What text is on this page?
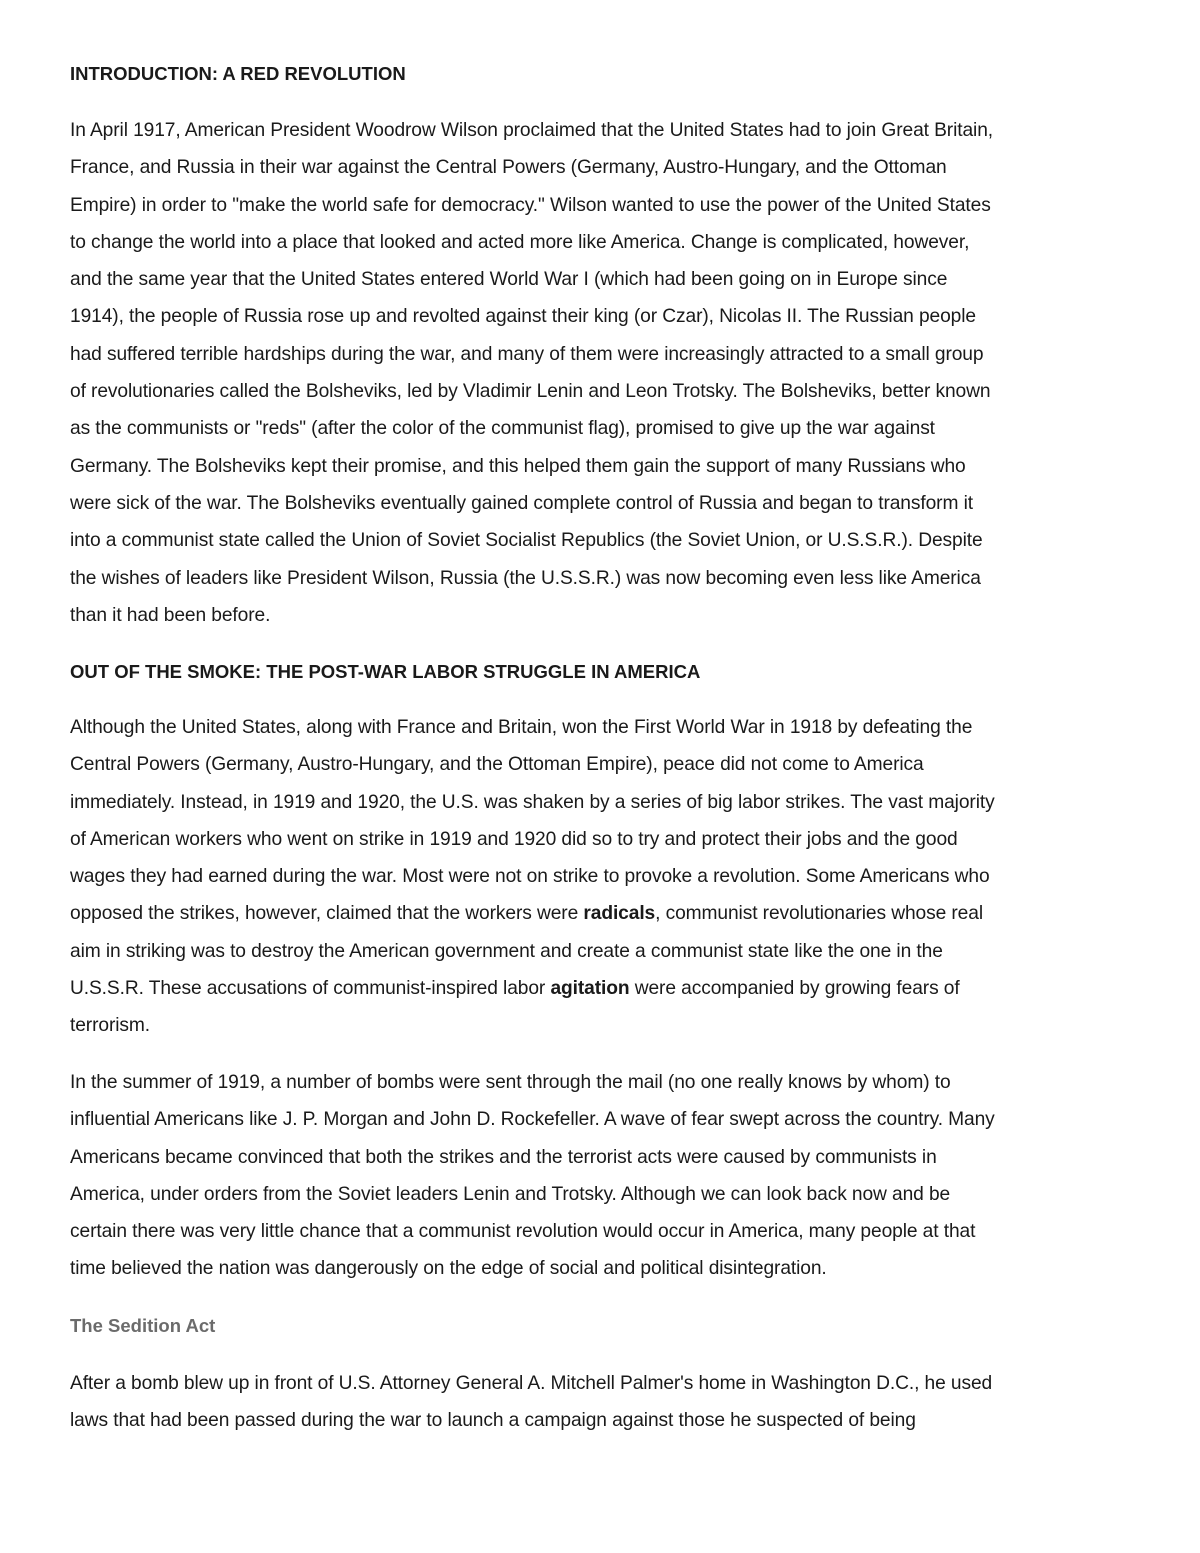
INTRODUCTION: A RED REVOLUTION
In April 1917, American President Woodrow Wilson proclaimed that the United States had to join Great Britain,
France, and Russia in their war against the Central Powers (Germany, Austro-Hungary, and the Ottoman
Empire) in order to "make the world safe for democracy." Wilson wanted to use the power of the United States
to change the world into a place that looked and acted more like America. Change is complicated, however,
and the same year that the United States entered World War I (which had been going on in Europe since
1914), the people of Russia rose up and revolted against their king (or Czar), Nicolas II. The Russian people
had suffered terrible hardships during the war, and many of them were increasingly attracted to a small group
of revolutionaries called the Bolsheviks, led by Vladimir Lenin and Leon Trotsky. The Bolsheviks, better known
as the communists or "reds" (after the color of the communist flag), promised to give up the war against
Germany. The Bolsheviks kept their promise, and this helped them gain the support of many Russians who
were sick of the war. The Bolsheviks eventually gained complete control of Russia and began to transform it
into a communist state called the Union of Soviet Socialist Republics (the Soviet Union, or U.S.S.R.). Despite
the wishes of leaders like President Wilson, Russia (the U.S.S.R.) was now becoming even less like America
than it had been before.
OUT OF THE SMOKE: THE POST-WAR LABOR STRUGGLE IN AMERICA
Although the United States, along with France and Britain, won the First World War in 1918 by defeating the
Central Powers (Germany, Austro-Hungary, and the Ottoman Empire), peace did not come to America
immediately. Instead, in 1919 and 1920, the U.S. was shaken by a series of big labor strikes. The vast majority
of American workers who went on strike in 1919 and 1920 did so to try and protect their jobs and the good
wages they had earned during the war. Most were not on strike to provoke a revolution. Some Americans who
opposed the strikes, however, claimed that the workers were radicals, communist revolutionaries whose real
aim in striking was to destroy the American government and create a communist state like the one in the
U.S.S.R. These accusations of communist-inspired labor agitation were accompanied by growing fears of
terrorism.
In the summer of 1919, a number of bombs were sent through the mail (no one really knows by whom) to
influential Americans like J. P. Morgan and John D. Rockefeller. A wave of fear swept across the country. Many
Americans became convinced that both the strikes and the terrorist acts were caused by communists in
America, under orders from the Soviet leaders Lenin and Trotsky. Although we can look back now and be
certain there was very little chance that a communist revolution would occur in America, many people at that
time believed the nation was dangerously on the edge of social and political disintegration.
The Sedition Act
After a bomb blew up in front of U.S. Attorney General A. Mitchell Palmer's home in Washington D.C., he used
laws that had been passed during the war to launch a campaign against those he suspected of being
